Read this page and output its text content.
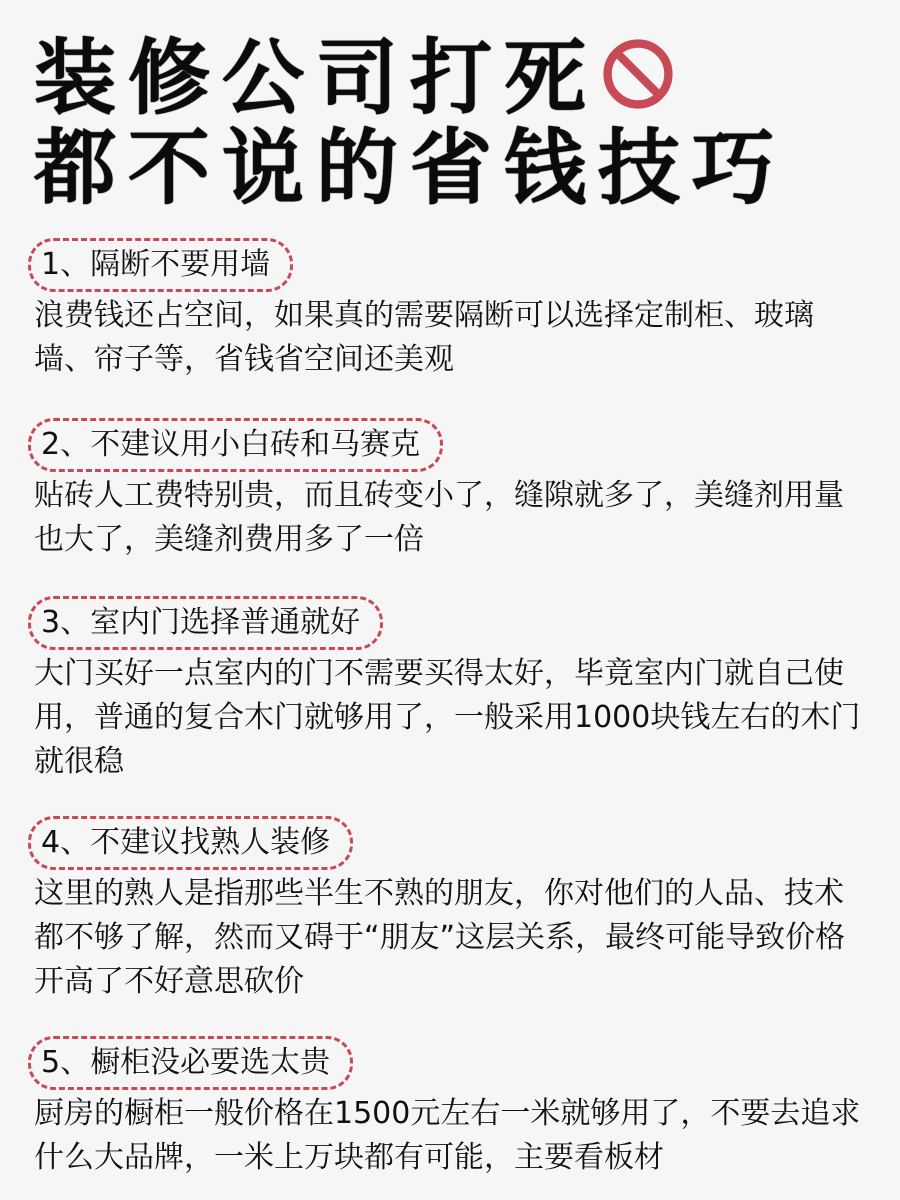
装修公司打死
都不说的省钱技巧
1、隔断不要用墙
浪费钱还占空间，如果真的需要隔断可以选择定制柜、玻璃墙、帘子等，省钱省空间还美观
2、不建议用小白砖和马赛克
贴砖人工费特别贵，而且砖变小了，缝隙就多了，美缝剂用量也大了，美缝剂费用多了一倍
3、室内门选择普通就好
大门买好一点室内的门不需要买得太好，毕竟室内门就自己使用，普通的复合木门就够用了，一般采用1000块钱左右的木门就很稳
4、不建议找熟人装修
这里的熟人是指那些半生不熟的朋友，你对他们的人品、技术都不够了解，然而又碍于“朋友”这层关系，最终可能导致价格开高了不好意思砍价
5、橱柜没必要选太贵
厨房的橱柜一般价格在1500元左右一米就够用了，不要去追求什么大品牌，一米上万块都有可能，主要看板材
